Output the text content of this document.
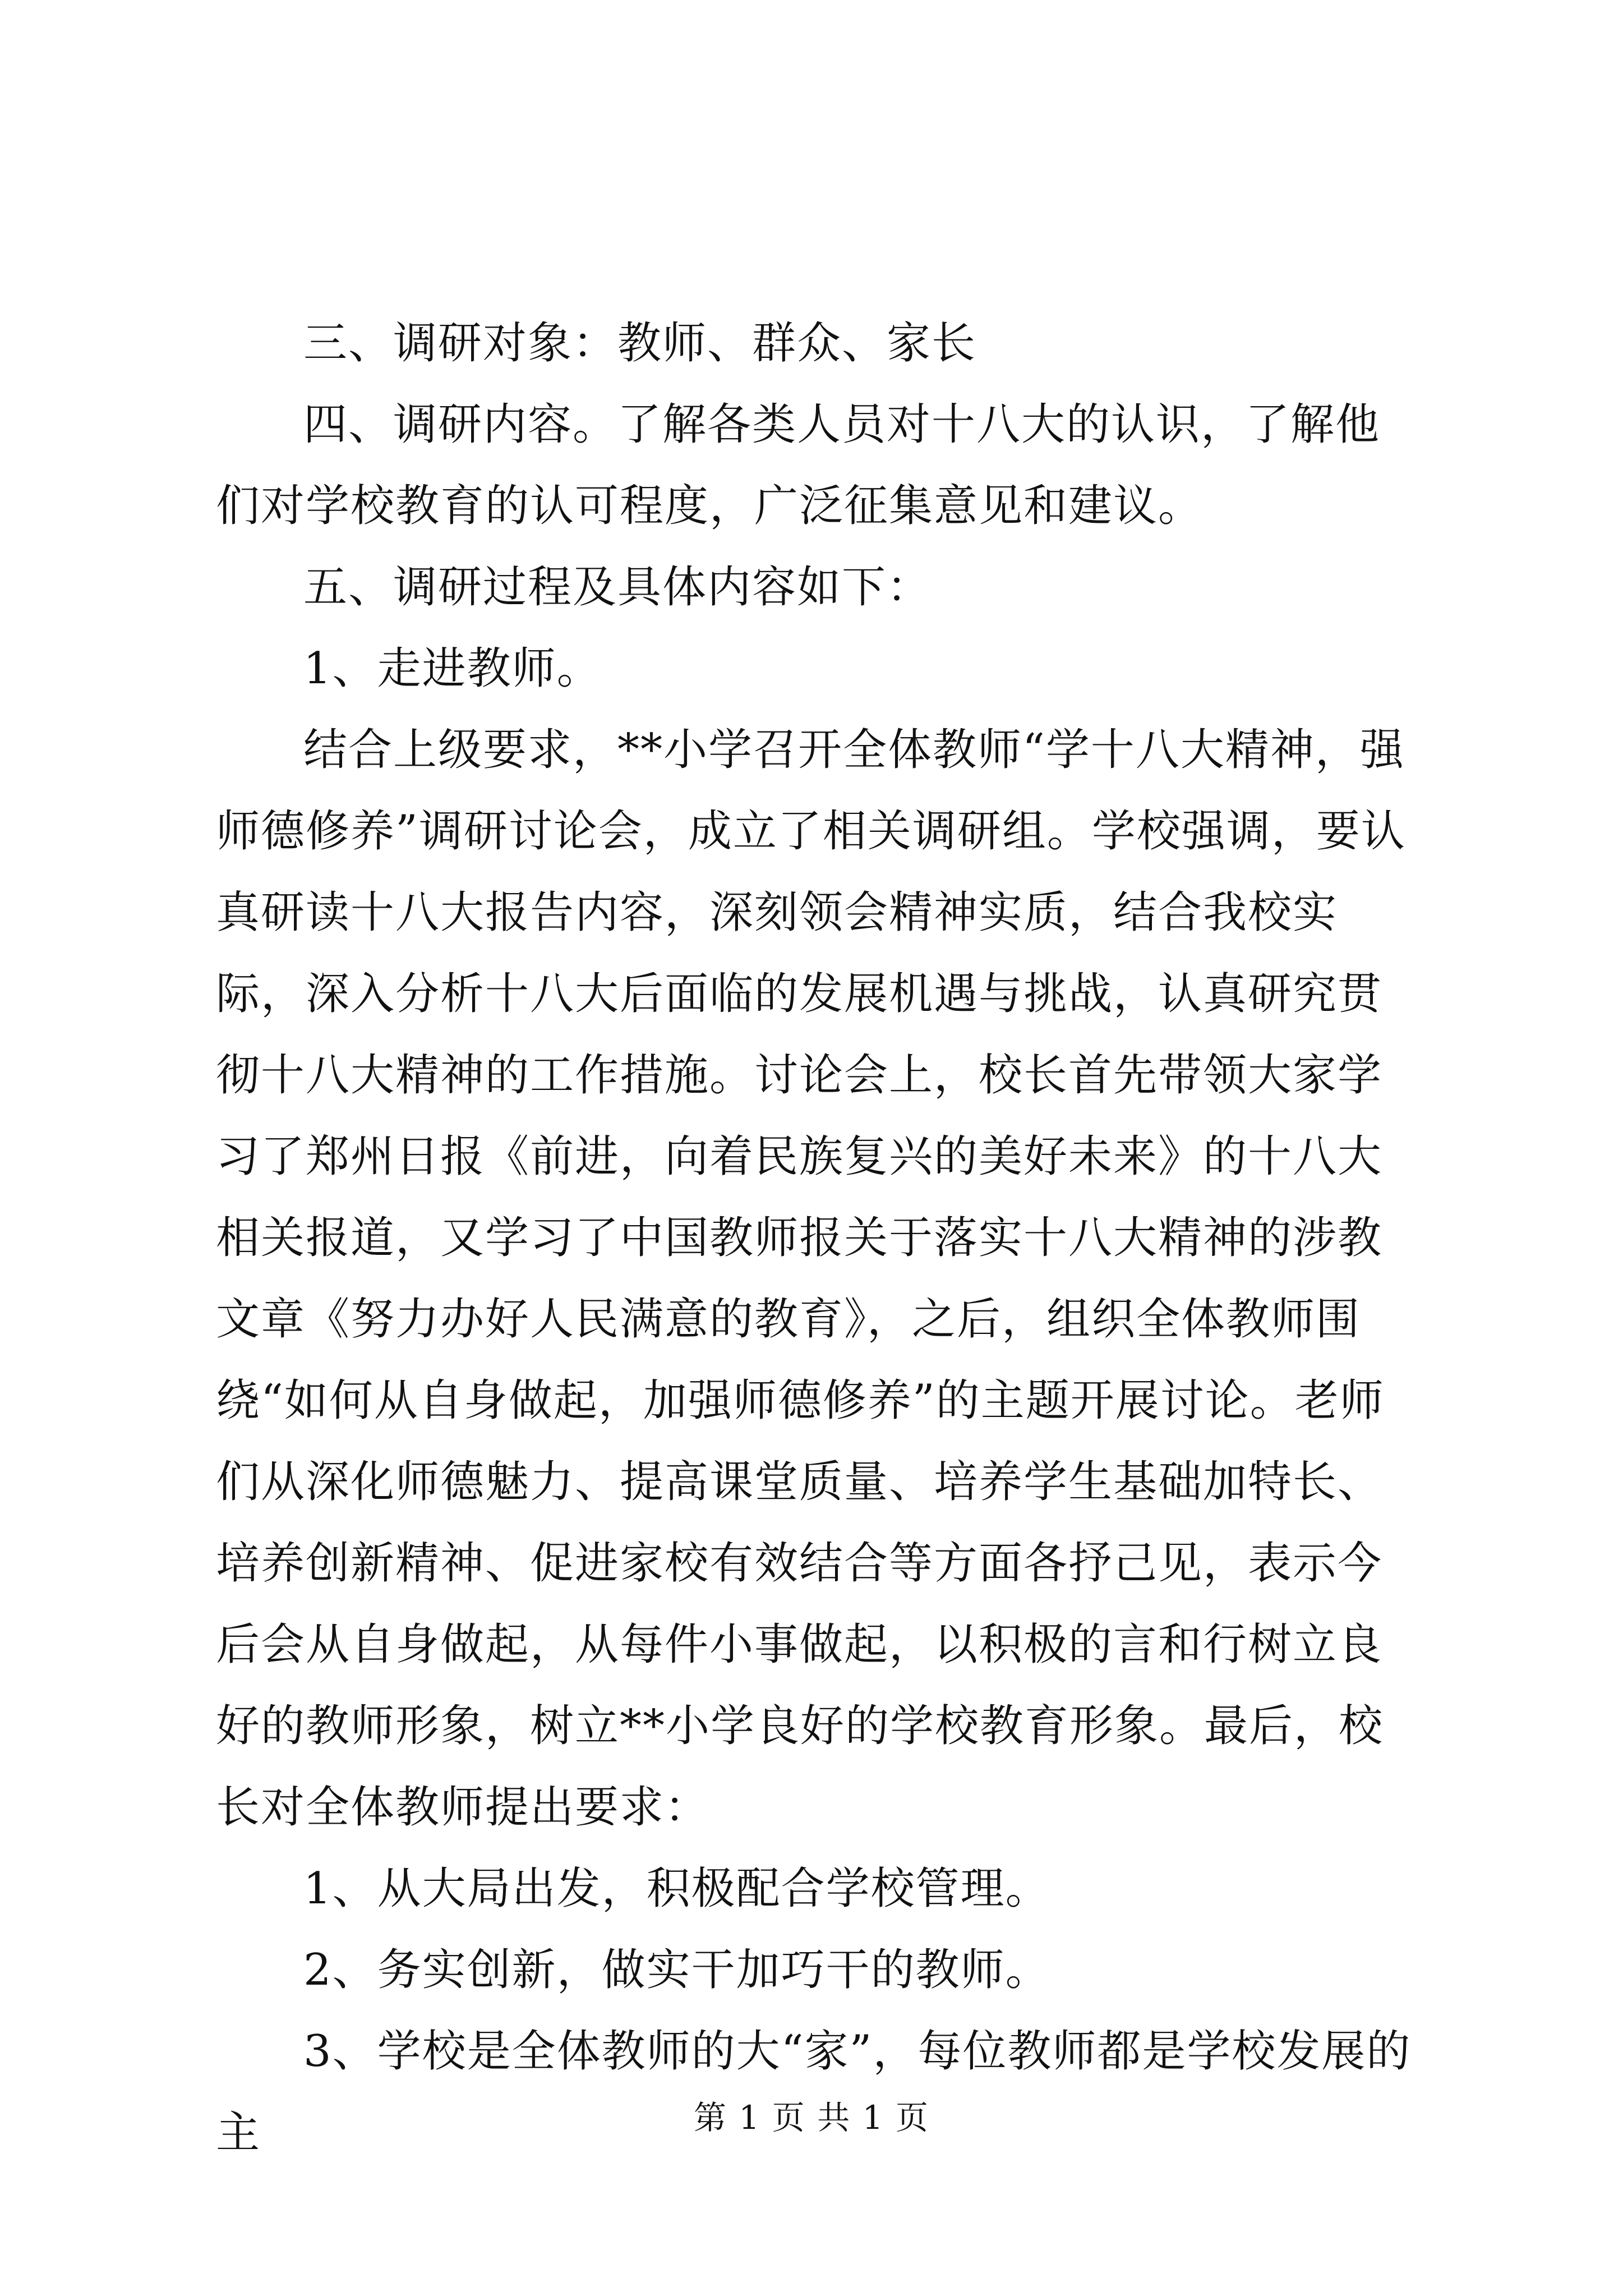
三、调研对象：教师、群众、家长

四、调研内容。了解各类人员对十八大的认识，了解他们对学校教育的认可程度，广泛征集意见和建议。

五、调研过程及具体内容如下：

1、走进教师。

结合上级要求，**小学召开全体教师“学十八大精神，强师德修养”调研讨论会，成立了相关调研组。学校强调，要认真研读十八大报告内容，深刻领会精神实质，结合我校实际，深入分析十八大后面临的发展机遇与挑战，认真研究贯彻十八大精神的工作措施。讨论会上，校长首先带领大家学习了郑州日报《前进，向着民族复兴的美好未来》的十八大相关报道，又学习了中国教师报关于落实十八大精神的涉教文章《努力办好人民满意的教育》，之后，组织全体教师围绕“如何从自身做起，加强师德修养”的主题开展讨论。老师们从深化师德魅力、提高课堂质量、培养学生基础加特长、培养创新精神、促进家校有效结合等方面各抒己见，表示今后会从自身做起，从每件小事做起，以积极的言和行树立良好的教师形象，树立**小学良好的学校教育形象。最后，校长对全体教师提出要求：

1、从大局出发，积极配合学校管理。

2、务实创新，做实干加巧干的教师。

3、学校是全体教师的大“家”，每位教师都是学校发展的主	第 1 页 共 1 页
